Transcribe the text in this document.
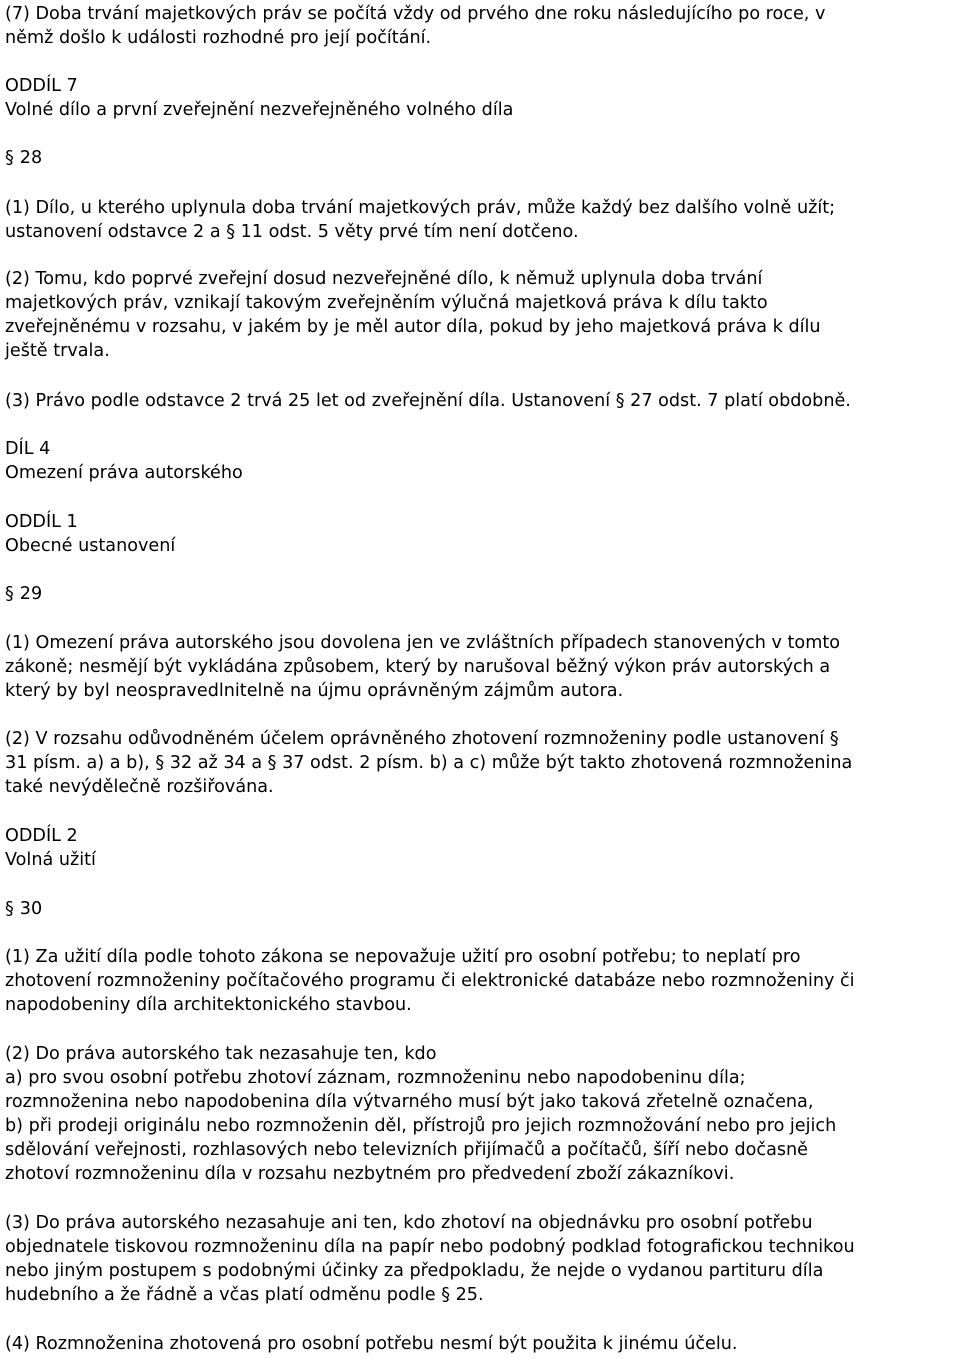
(7) Doba trvání majetkových práv se počítá vždy od prvého dne roku následujícího po roce, v
němž došlo k události rozhodné pro její počítání.
ODDÍL 7
Volné dílo a první zveřejnění nezveřejněného volného díla
§ 28
(1) Dílo, u kterého uplynula doba trvání majetkových práv, může každý bez dalšího volně užít;
ustanovení odstavce 2 a § 11 odst. 5 věty prvé tím není dotčeno.
(2) Tomu, kdo poprvé zveřejní dosud nezveřejněné dílo, k němuž uplynula doba trvání
majetkových práv, vznikají takovým zveřejněním výlučná majetková práva k dílu takto
zveřejněnému v rozsahu, v jakém by je měl autor díla, pokud by jeho majetková práva k dílu
ještě trvala.
(3) Právo podle odstavce 2 trvá 25 let od zveřejnění díla. Ustanovení § 27 odst. 7 platí obdobně.
DÍL 4
Omezení práva autorského
ODDÍL 1
Obecné ustanovení
§ 29
(1) Omezení práva autorského jsou dovolena jen ve zvláštních případech stanovených v tomto
zákoně; nesmějí být vykládána způsobem, který by narušoval běžný výkon práv autorských a
který by byl neospravedlnitelně na újmu oprávněným zájmům autora.
(2) V rozsahu odůvodněném účelem oprávněného zhotovení rozmnoženiny podle ustanovení §
31 písm. a) a b), § 32 až 34 a § 37 odst. 2 písm. b) a c) může být takto zhotovená rozmnoženina
také nevýdělečně rozšiřována.
ODDÍL 2
Volná užití
§ 30
(1) Za užití díla podle tohoto zákona se nepovažuje užití pro osobní potřebu; to neplatí pro
zhotovení rozmnoženiny počítačového programu či elektronické databáze nebo rozmnoženiny či
napodobeniny díla architektonického stavbou.
(2) Do práva autorského tak nezasahuje ten, kdo
a) pro svou osobní potřebu zhotoví záznam, rozmnoženinu nebo napodobeninu díla;
rozmnoženina nebo napodobenina díla výtvarného musí být jako taková zřetelně označena,
b) při prodeji originálu nebo rozmnoženin děl, přístrojů pro jejich rozmnožování nebo pro jejich
sdělování veřejnosti, rozhlasových nebo televizních přijímačů a počítačů, šíří nebo dočasně
zhotoví rozmnoženinu díla v rozsahu nezbytném pro předvedení zboží zákazníkovi.
(3) Do práva autorského nezasahuje ani ten, kdo zhotoví na objednávku pro osobní potřebu
objednatele tiskovou rozmnoženinu díla na papír nebo podobný podklad fotografickou technikou
nebo jiným postupem s podobnými účinky za předpokladu, že nejde o vydanou partituru díla
hudebního a že řádně a včas platí odměnu podle § 25.
(4) Rozmnoženina zhotovená pro osobní potřebu nesmí být použita k jinému účelu.
